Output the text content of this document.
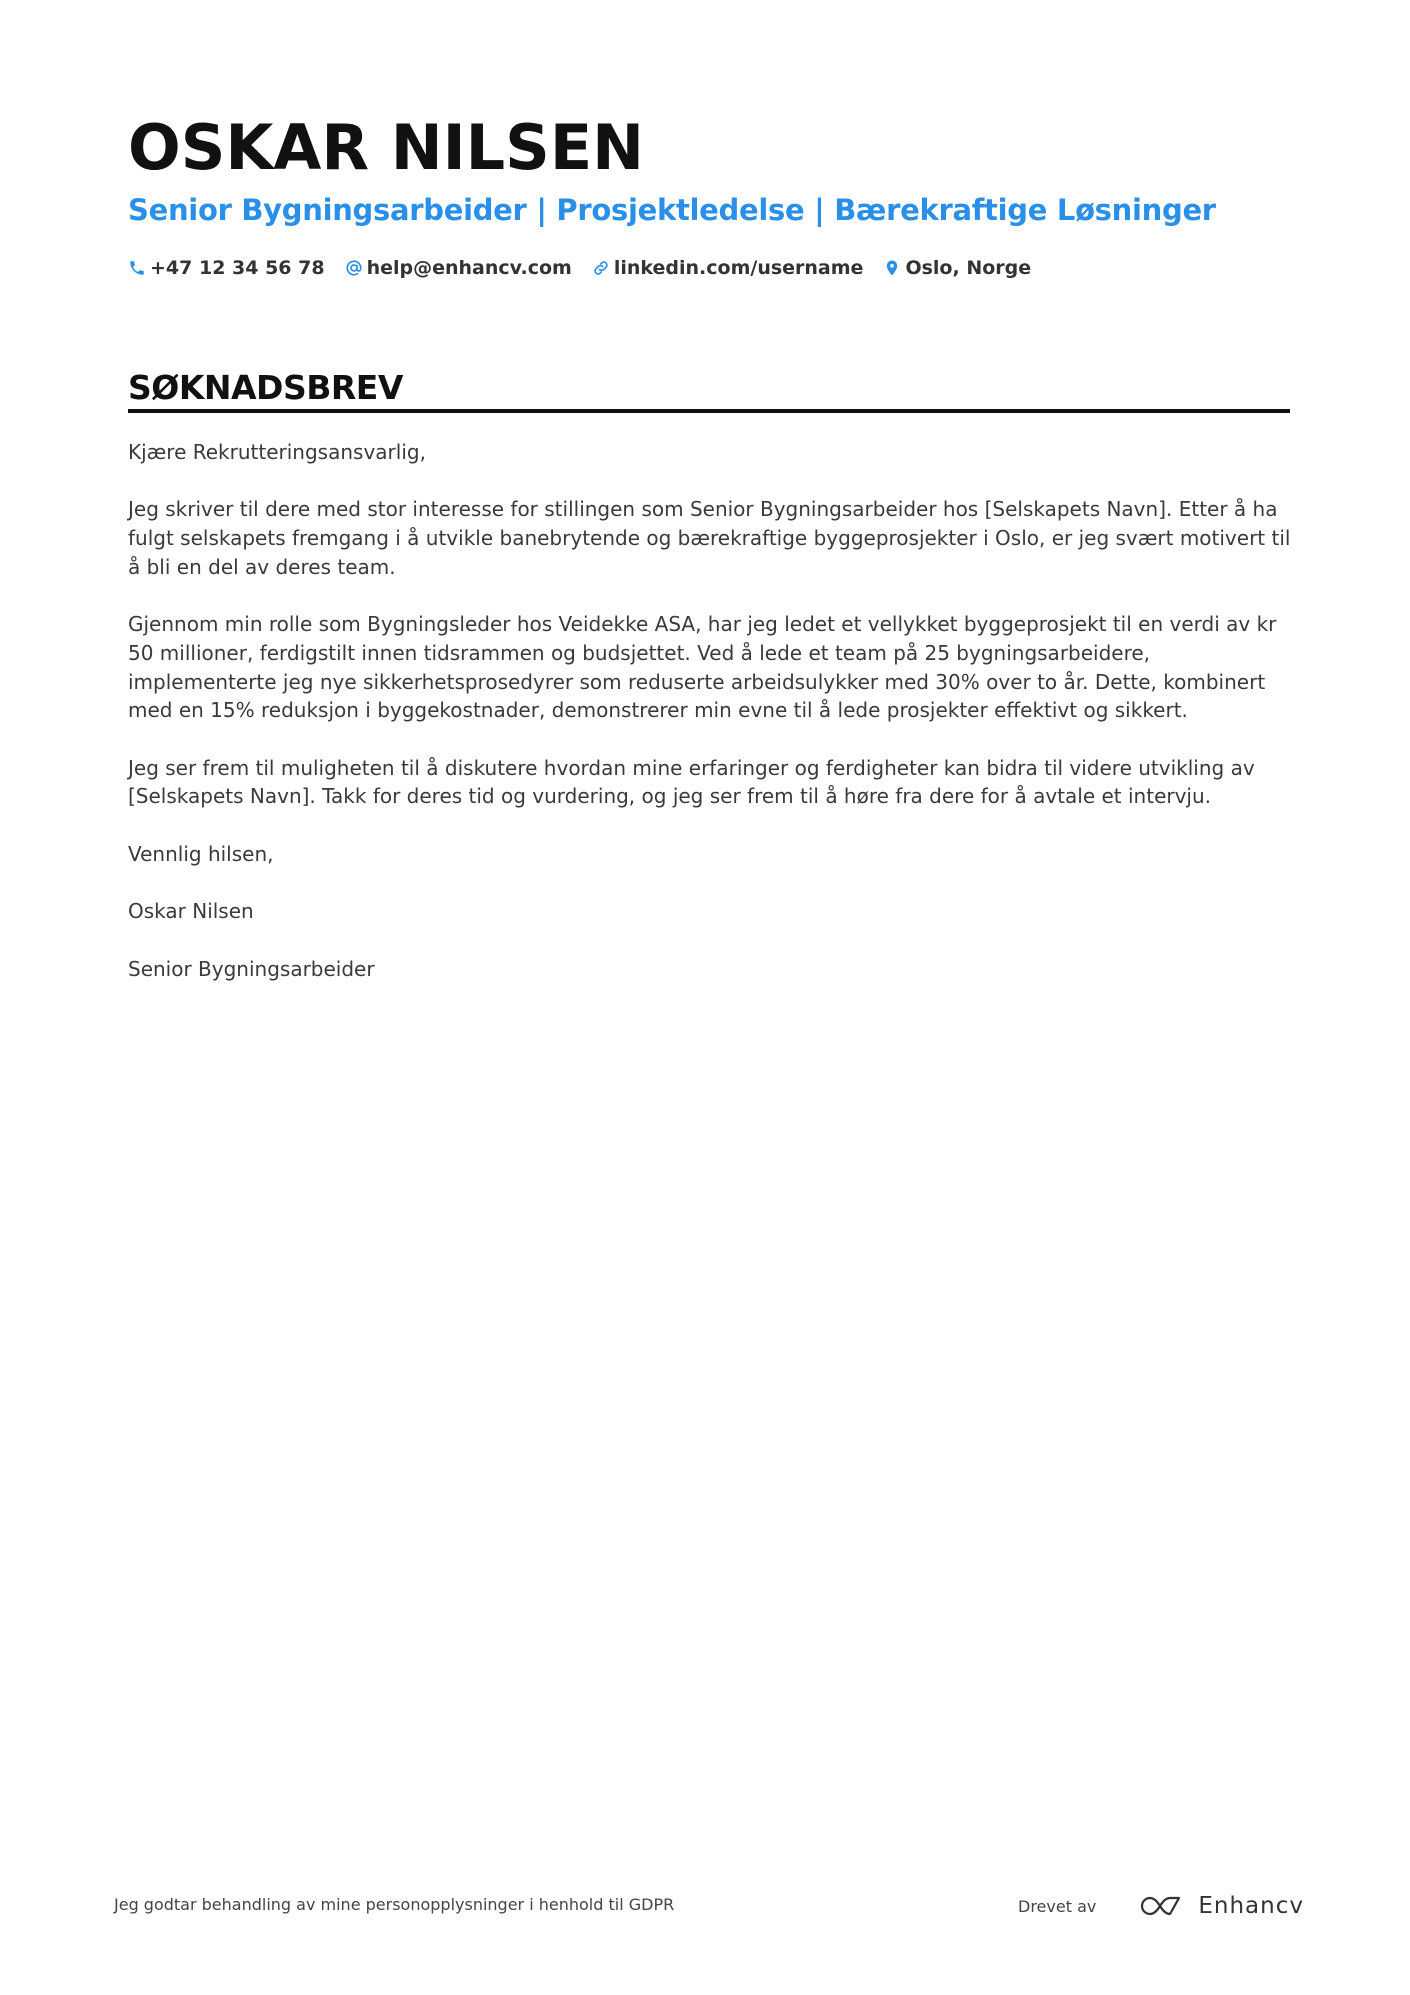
OSKAR NILSEN
Senior Bygningsarbeider | Prosjektledelse | Bærekraftige Løsninger
+47 12 34 56 78 help@enhancv.com linkedin.com/username Oslo, Norge
SØKNADSBREV

Kjære Rekrutteringsansvarlig,

Jeg skriver til dere med stor interesse for stillingen som Senior Bygningsarbeider hos [Selskapets Navn]. Etter å ha fulgt selskapets fremgang i å utvikle banebrytende og bærekraftige byggeprosjekter i Oslo, er jeg svært motivert til å bli en del av deres team.

Gjennom min rolle som Bygningsleder hos Veidekke ASA, har jeg ledet et vellykket byggeprosjekt til en verdi av kr 50 millioner, ferdigstilt innen tidsrammen og budsjettet. Ved å lede et team på 25 bygningsarbeidere, implementerte jeg nye sikkerhetsprosedyrer som reduserte arbeidsulykker med 30% over to år. Dette, kombinert med en 15% reduksjon i byggekostnader, demonstrerer min evne til å lede prosjekter effektivt og sikkert.

Jeg ser frem til muligheten til å diskutere hvordan mine erfaringer og ferdigheter kan bidra til videre utvikling av [Selskapets Navn]. Takk for deres tid og vurdering, og jeg ser frem til å høre fra dere for å avtale et intervju.

Vennlig hilsen,

Oskar Nilsen

Senior Bygningsarbeider

Jeg godtar behandling av mine personopplysninger i henhold til GDPR	Drevet av	Enhancv
